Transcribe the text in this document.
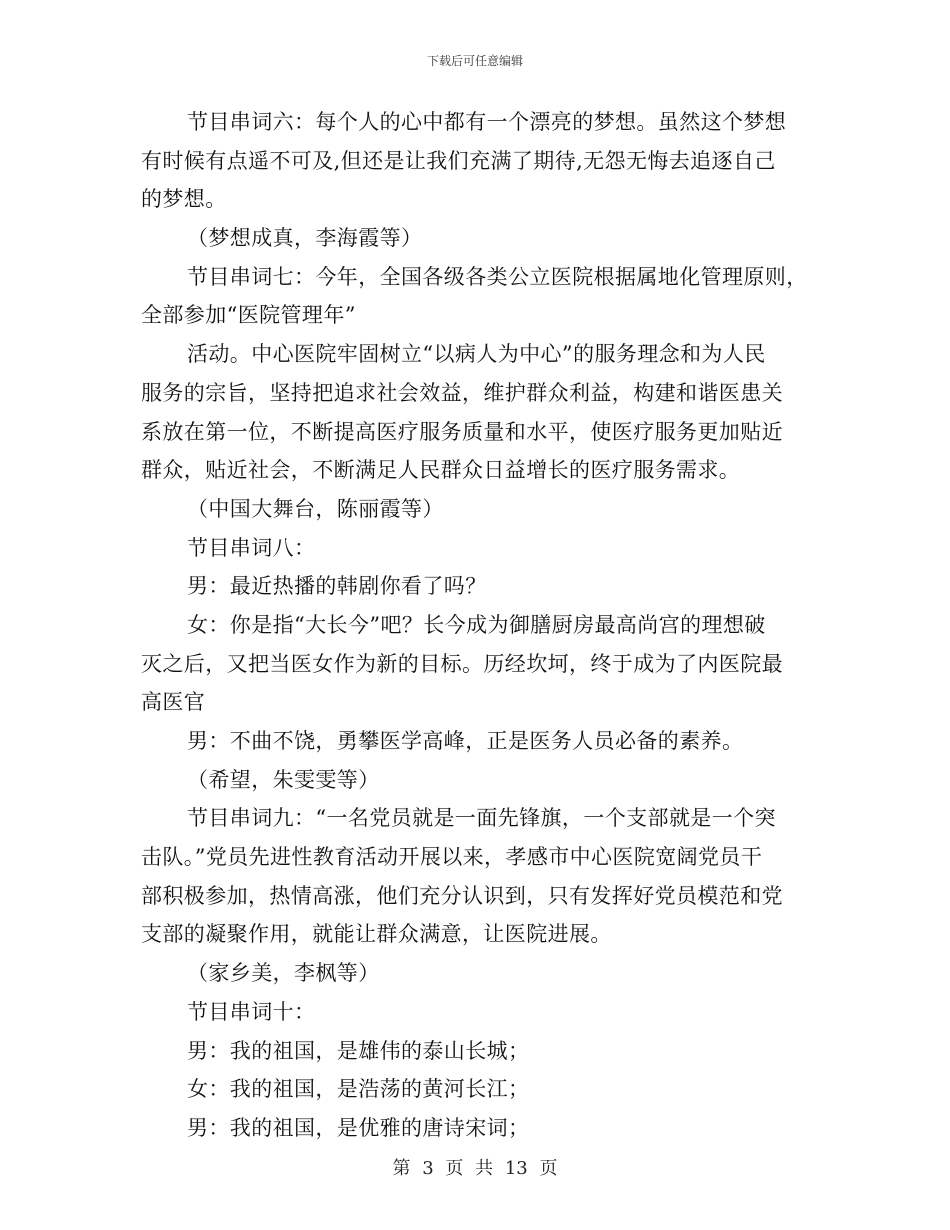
下载后可任意编辑
节目串词六：每个人的心中都有一个漂亮的梦想。虽然这个梦想
有时候有点遥不可及,但还是让我们充满了期待,无怨无悔去追逐自己
的梦想。
（梦想成真，李海霞等）
节目串词七：今年，全国各级各类公立医院根据属地化管理原则，
全部参加“医院管理年”
活动。中心医院牢固树立“以病人为中心”的服务理念和为人民
服务的宗旨，坚持把追求社会效益，维护群众利益，构建和谐医患关
系放在第一位，不断提高医疗服务质量和水平，使医疗服务更加贴近
群众，贴近社会，不断满足人民群众日益增长的医疗服务需求。
（中国大舞台，陈丽霞等）
节目串词八：
男：最近热播的韩剧你看了吗？
女：你是指“大长今”吧？长今成为御膳厨房最高尚宫的理想破
灭之后，又把当医女作为新的目标。历经坎坷，终于成为了内医院最
高医官
男：不曲不饶，勇攀医学高峰，正是医务人员必备的素养。
（希望，朱雯雯等）
节目串词九：“一名党员就是一面先锋旗，一个支部就是一个突
击队。”党员先进性教育活动开展以来，孝感市中心医院宽阔党员干
部积极参加，热情高涨，他们充分认识到，只有发挥好党员模范和党
支部的凝聚作用，就能让群众满意，让医院进展。
（家乡美，李枫等）
节目串词十：
男：我的祖国，是雄伟的泰山长城；
女：我的祖国，是浩荡的黄河长江；
男：我的祖国，是优雅的唐诗宋词；
第 3 页 共 13 页
